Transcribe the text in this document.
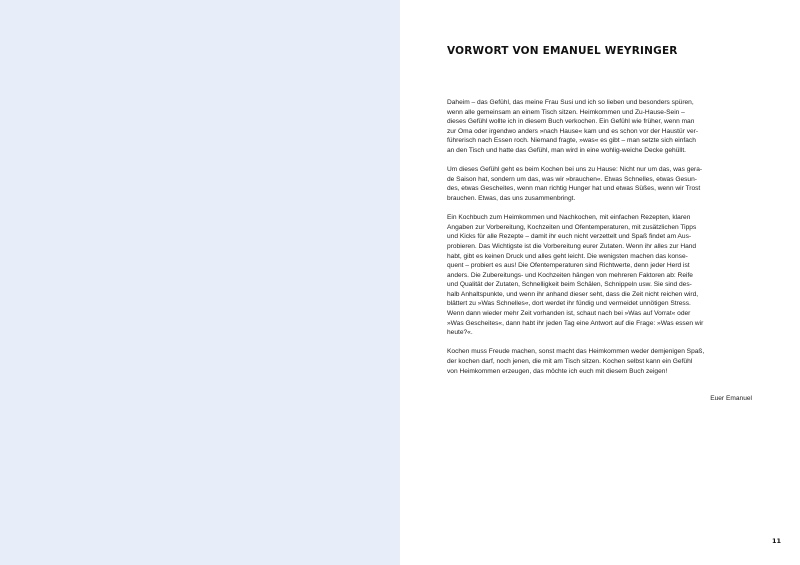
VORWORT VON EMANUEL WEYRINGER

Daheim – das Gefühl, das meine Frau Susi und ich so lieben und besonders spüren,
wenn alle gemeinsam an einem Tisch sitzen. Heimkommen und Zu-Hause-Sein –
dieses Gefühl wollte ich in diesem Buch verkochen. Ein Gefühl wie früher, wenn man
zur Oma oder irgendwo anders »nach Hause« kam und es schon vor der Haustür ver-
führerisch nach Essen roch. Niemand fragte, »was« es gibt – man setzte sich einfach
an den Tisch und hatte das Gefühl, man wird in eine wohlig-weiche Decke gehüllt.

Um dieses Gefühl geht es beim Kochen bei uns zu Hause: Nicht nur um das, was gera-
de Saison hat, sondern um das, was wir »brauchen«. Etwas Schnelles, etwas Gesun-
des, etwas Gescheites, wenn man richtig Hunger hat und etwas Süßes, wenn wir Trost
brauchen. Etwas, das uns zusammenbringt.

Ein Kochbuch zum Heimkommen und Nachkochen, mit einfachen Rezepten, klaren
Angaben zur Vorbereitung, Kochzeiten und Ofentemperaturen, mit zusätzlichen Tipps
und Kicks für alle Rezepte – damit ihr euch nicht verzettelt und Spaß findet am Aus-
probieren. Das Wichtigste ist die Vorbereitung eurer Zutaten. Wenn ihr alles zur Hand
habt, gibt es keinen Druck und alles geht leicht. Die wenigsten machen das konse-
quent – probiert es aus! Die Ofentemperaturen sind Richtwerte, denn jeder Herd ist
anders. Die Zubereitungs- und Kochzeiten hängen von mehreren Faktoren ab: Reife
und Qualität der Zutaten, Schnelligkeit beim Schälen, Schnippeln usw. Sie sind des-
halb Anhaltspunkte, und wenn ihr anhand dieser seht, dass die Zeit nicht reichen wird,
blättert zu »Was Schnelles«, dort werdet ihr fündig und vermeidet unnötigen Stress.
Wenn dann wieder mehr Zeit vorhanden ist, schaut nach bei »Was auf Vorrat« oder
»Was Gescheites«, dann habt ihr jeden Tag eine Antwort auf die Frage: »Was essen wir
heute?«.

Kochen muss Freude machen, sonst macht das Heimkommen weder demjenigen Spaß,
der kochen darf, noch jenen, die mit am Tisch sitzen. Kochen selbst kann ein Gefühl
von Heimkommen erzeugen, das möchte ich euch mit diesem Buch zeigen!

Euer Emanuel
11
